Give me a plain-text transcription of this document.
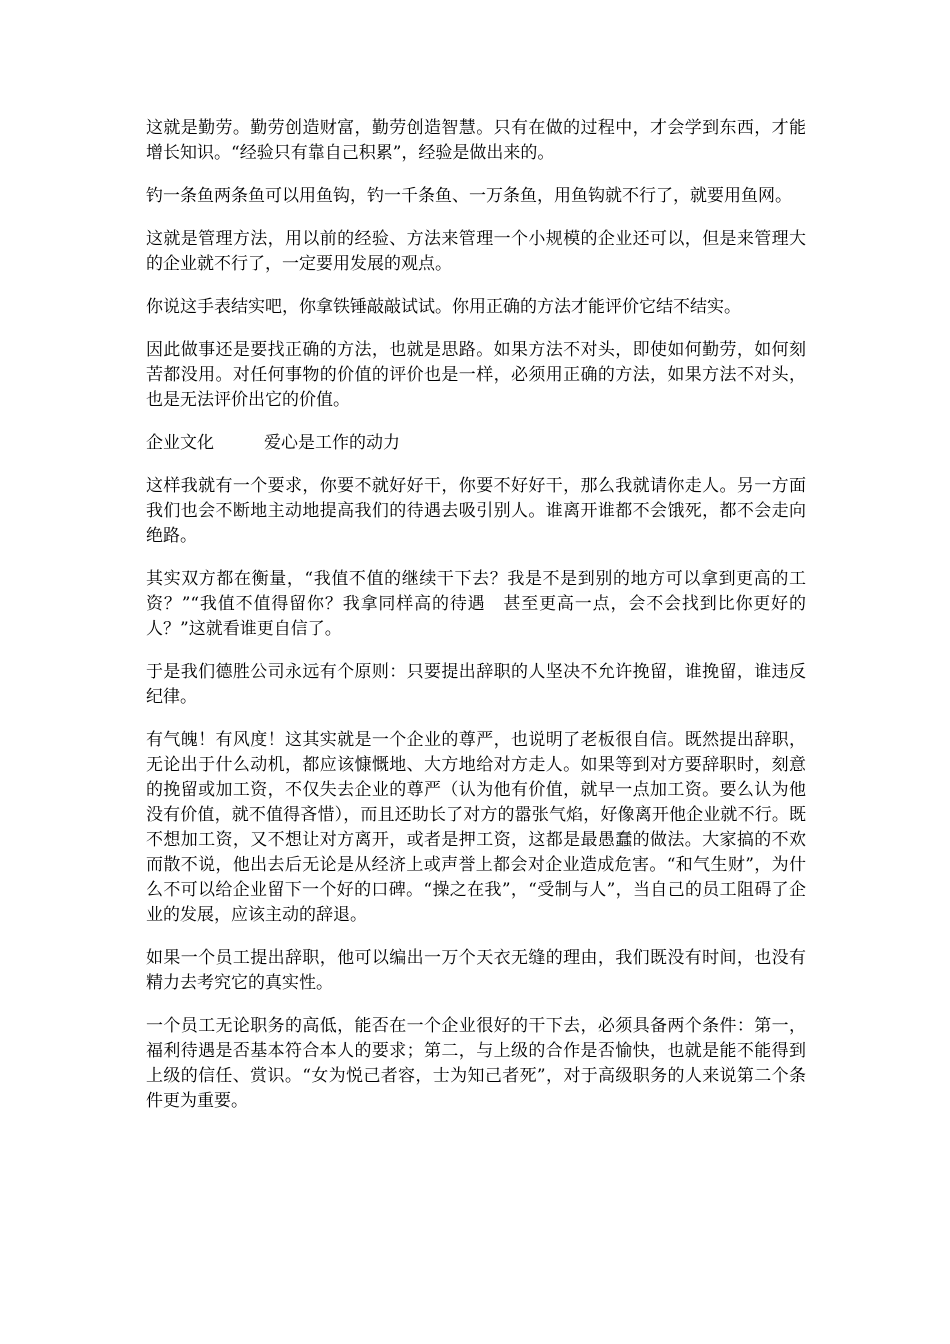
这就是勤劳。勤劳创造财富，勤劳创造智慧。只有在做的过程中，才会学到东西，才能增长知识。“经验只有靠自己积累”，经验是做出来的。

钓一条鱼两条鱼可以用鱼钩，钓一千条鱼、一万条鱼，用鱼钩就不行了，就要用鱼网。

这就是管理方法，用以前的经验、方法来管理一个小规模的企业还可以，但是来管理大的企业就不行了，一定要用发展的观点。

你说这手表结实吧，你拿铁锤敲敲试试。你用正确的方法才能评价它结不结实。

因此做事还是要找正确的方法，也就是思路。如果方法不对头，即使如何勤劳，如何刻苦都没用。对任何事物的价值的评价也是一样，必须用正确的方法，如果方法不对头，也是无法评价出它的价值。

企业文化	爱心是工作的动力

这样我就有一个要求，你要不就好好干，你要不好好干，那么我就请你走人。另一方面我们也会不断地主动地提高我们的待遇去吸引别人。谁离开谁都不会饿死，都不会走向绝路。

其实双方都在衡量，“我值不值的继续干下去？我是不是到别的地方可以拿到更高的工资？”“我值不值得留你？我拿同样高的待遇　甚至更高一点，会不会找到比你更好的人？”这就看谁更自信了。

于是我们德胜公司永远有个原则：只要提出辞职的人坚决不允许挽留，谁挽留，谁违反纪律。

有气魄！有风度！这其实就是一个企业的尊严，也说明了老板很自信。既然提出辞职，无论出于什么动机，都应该慷慨地、大方地给对方走人。如果等到对方要辞职时，刻意的挽留或加工资，不仅失去企业的尊严（认为他有价值，就早一点加工资。要么认为他没有价值，就不值得吝惜），而且还助长了对方的嚣张气焰，好像离开他企业就不行。既不想加工资，又不想让对方离开，或者是押工资，这都是最愚蠢的做法。大家搞的不欢而散不说，他出去后无论是从经济上或声誉上都会对企业造成危害。“和气生财”，为什么不可以给企业留下一个好的口碑。“操之在我”，“受制与人”，当自己的员工阻碍了企业的发展，应该主动的辞退。

如果一个员工提出辞职，他可以编出一万个天衣无缝的理由，我们既没有时间，也没有精力去考究它的真实性。

一个员工无论职务的高低，能否在一个企业很好的干下去，必须具备两个条件：第一，福利待遇是否基本符合本人的要求；第二，与上级的合作是否愉快，也就是能不能得到上级的信任、赏识。“女为悦己者容，士为知己者死”，对于高级职务的人来说第二个条件更为重要。
